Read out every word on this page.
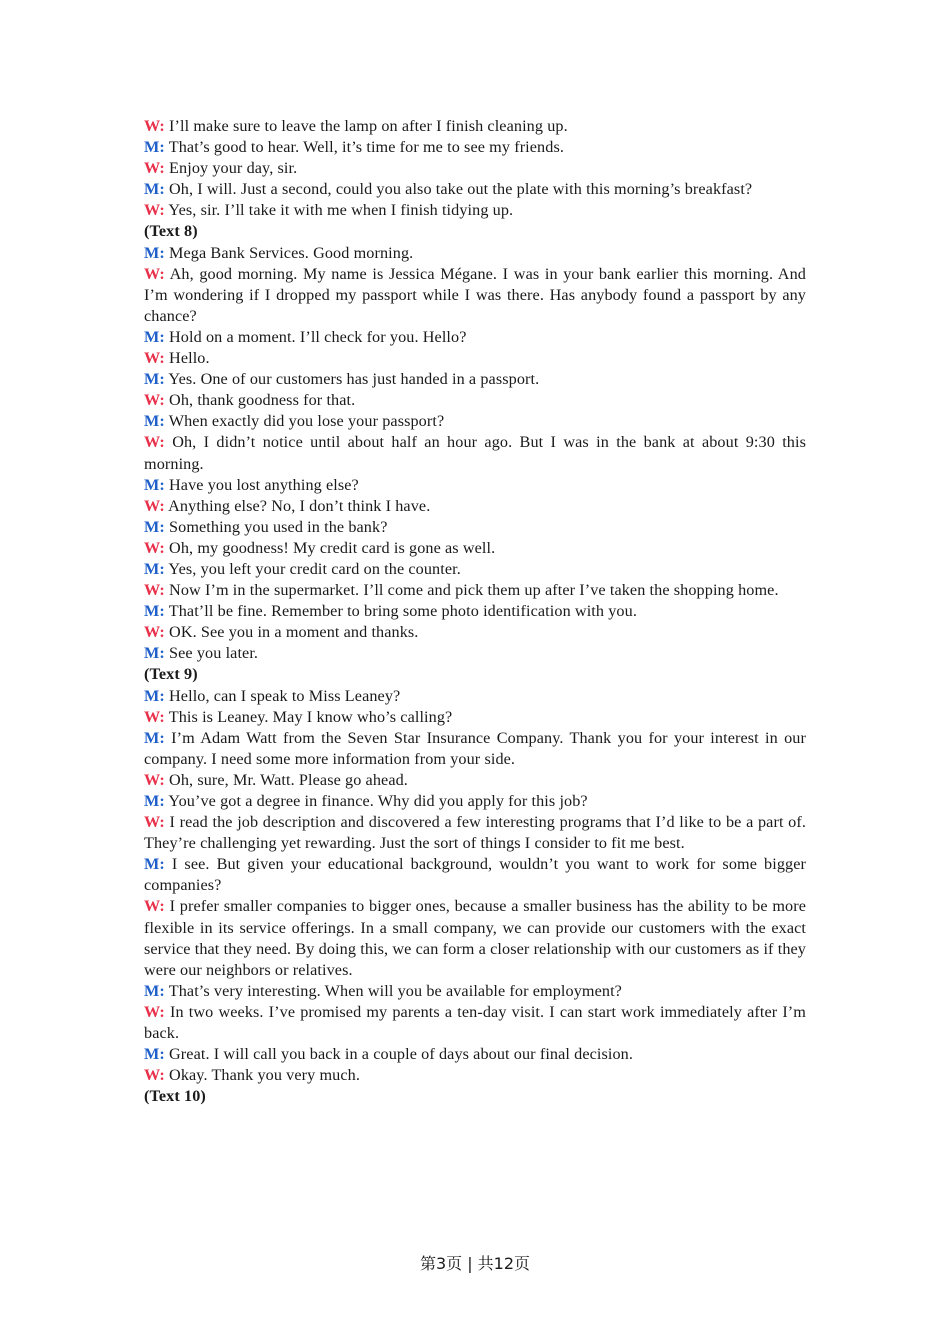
W: I’ll make sure to leave the lamp on after I finish cleaning up.

M: That’s good to hear. Well, it’s time for me to see my friends.

W: Enjoy your day, sir.

M: Oh, I will. Just a second, could you also take out the plate with this morning’s breakfast?

W: Yes, sir. I’ll take it with me when I finish tidying up.

(Text 8)

M: Mega Bank Services. Good morning.

W: Ah, good morning. My name is Jessica Mégane. I was in your bank earlier this morning. And I’m wondering if I dropped my passport while I was there. Has anybody found a passport by any chance?

M: Hold on a moment. I’ll check for you. Hello?

W: Hello.

M: Yes. One of our customers has just handed in a passport.

W: Oh, thank goodness for that.

M: When exactly did you lose your passport?

W: Oh, I didn’t notice until about half an hour ago. But I was in the bank at about 9:30 this morning.

M: Have you lost anything else?

W: Anything else? No, I don’t think I have.

M: Something you used in the bank?

W: Oh, my goodness! My credit card is gone as well.

M: Yes, you left your credit card on the counter.

W: Now I’m in the supermarket. I’ll come and pick them up after I’ve taken the shopping home.

M: That’ll be fine. Remember to bring some photo identification with you.

W: OK. See you in a moment and thanks.

M: See you later.

(Text 9)

M: Hello, can I speak to Miss Leaney?

W: This is Leaney. May I know who’s calling?

M: I’m Adam Watt from the Seven Star Insurance Company. Thank you for your interest in our company. I need some more information from your side.

W: Oh, sure, Mr. Watt. Please go ahead.

M: You’ve got a degree in finance. Why did you apply for this job?

W: I read the job description and discovered a few interesting programs that I’d like to be a part of. They’re challenging yet rewarding. Just the sort of things I consider to fit me best.

M: I see. But given your educational background, wouldn’t you want to work for some bigger companies?

W: I prefer smaller companies to bigger ones, because a smaller business has the ability to be more flexible in its service offerings. In a small company, we can provide our customers with the exact service that they need. By doing this, we can form a closer relationship with our customers as if they were our neighbors or relatives.

M: That’s very interesting. When will you be available for employment?

W: In two weeks. I’ve promised my parents a ten-day visit. I can start work immediately after I’m back.

M: Great. I will call you back in a couple of days about our final decision.

W: Okay. Thank you very much.

(Text 10)

第3页 | 共12页
